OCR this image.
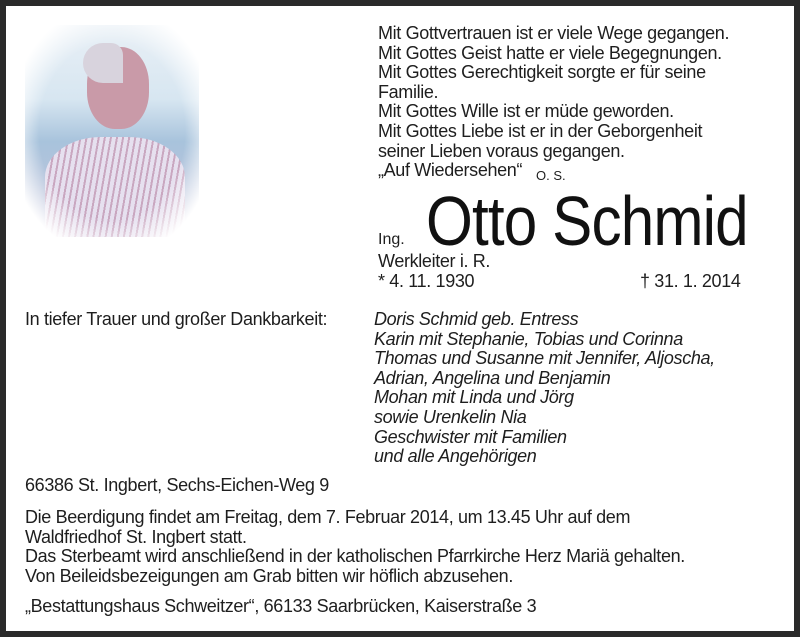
Mit Gottvertrauen ist er viele Wege gegangen.
Mit Gottes Geist hatte er viele Begegnungen.
Mit Gottes Gerechtigkeit sorgte er für seine
Familie.
Mit Gottes Wille ist er müde geworden.
Mit Gottes Liebe ist er in der Geborgenheit
seiner Lieben voraus gegangen.
„Auf Wiedersehen“	O. S.
Ing. Otto Schmid
Werkleiter i. R.
* 4. 11. 1930	† 31. 1. 2014
In tiefer Trauer und großer Dankbarkeit:	Doris Schmid geb. Entress
Karin mit Stephanie, Tobias und Corinna
Thomas und Susanne mit Jennifer, Aljoscha,
Adrian, Angelina und Benjamin
Mohan mit Linda und Jörg
sowie Urenkelin Nia
Geschwister mit Familien
und alle Angehörigen
66386 St. Ingbert, Sechs-Eichen-Weg 9
Die Beerdigung findet am Freitag, dem 7. Februar 2014, um 13.45 Uhr auf dem
Waldfriedhof St. Ingbert statt.
Das Sterbeamt wird anschließend in der katholischen Pfarrkirche Herz Mariä gehalten.
Von Beileidsbezeigungen am Grab bitten wir höflich abzusehen.
„Bestattungshaus Schweitzer“, 66133 Saarbrücken, Kaiserstraße 3
